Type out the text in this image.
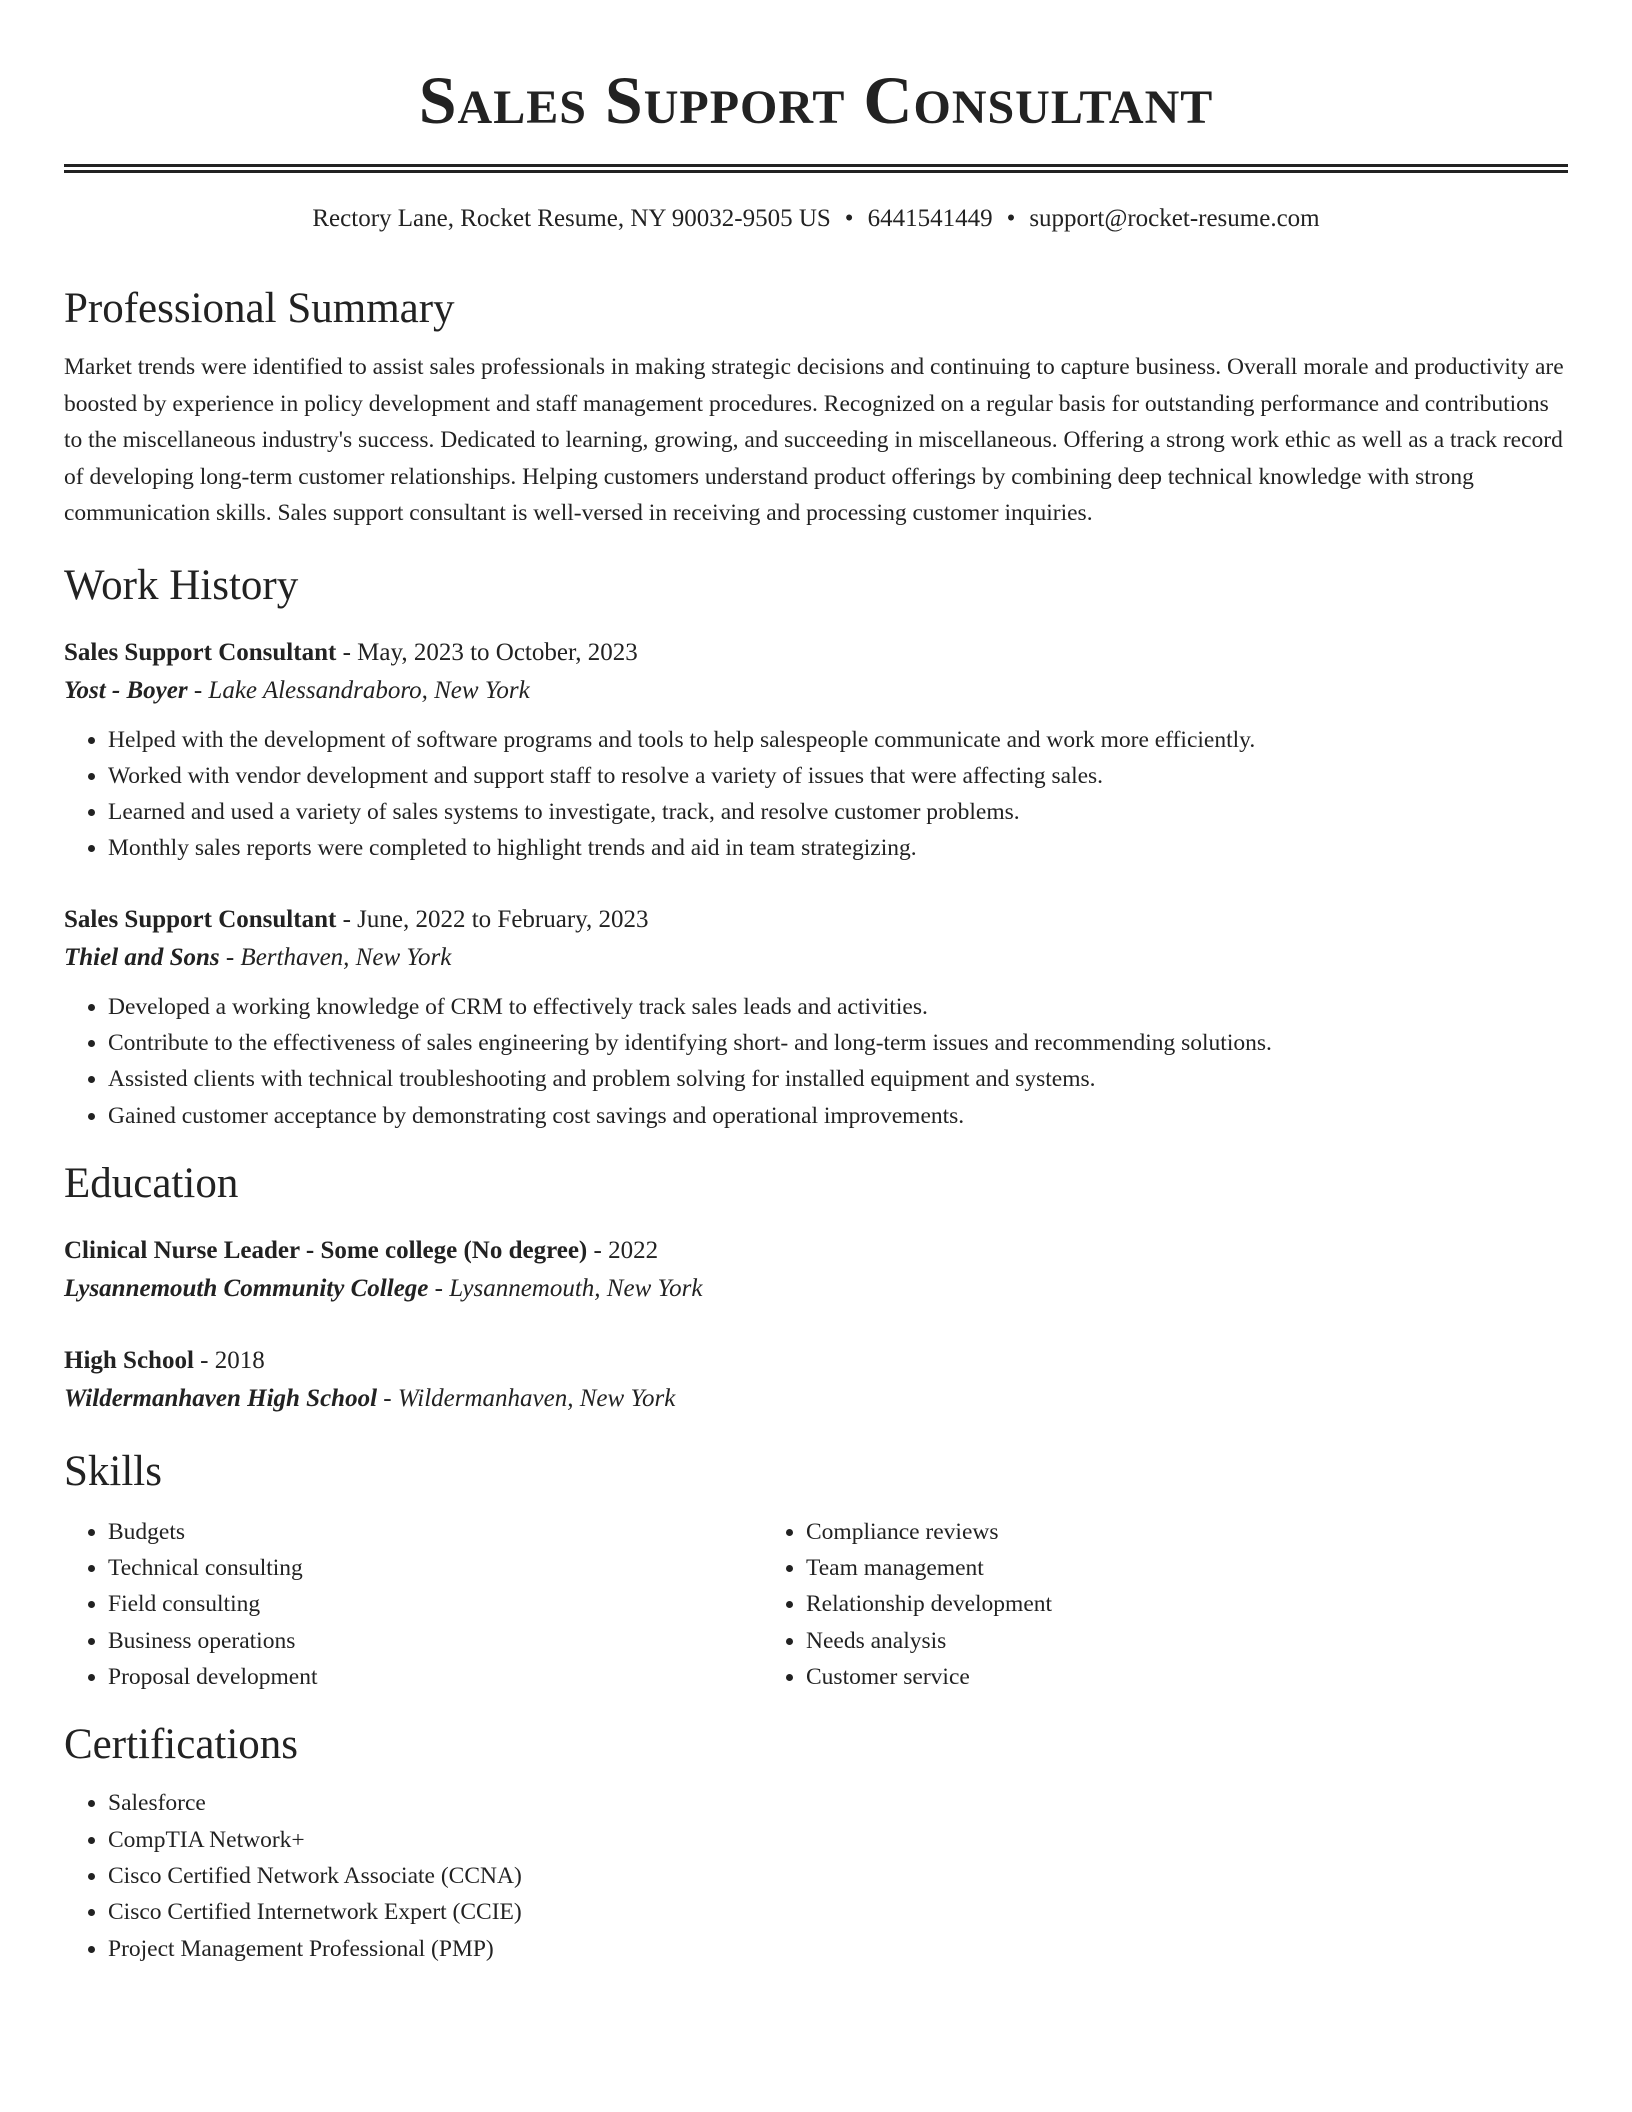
Sales Support Consultant
Rectory Lane, Rocket Resume, NY 90032-9505 US • 6441541449 • support@rocket-resume.com
Professional Summary
Market trends were identified to assist sales professionals in making strategic decisions and continuing to capture business. Overall morale and productivity are boosted by experience in policy development and staff management procedures. Recognized on a regular basis for outstanding performance and contributions to the miscellaneous industry's success. Dedicated to learning, growing, and succeeding in miscellaneous. Offering a strong work ethic as well as a track record of developing long-term customer relationships. Helping customers understand product offerings by combining deep technical knowledge with strong communication skills. Sales support consultant is well-versed in receiving and processing customer inquiries.
Work History
Sales Support Consultant - May, 2023 to October, 2023
Yost - Boyer - Lake Alessandraboro, New York
• Helped with the development of software programs and tools to help salespeople communicate and work more efficiently.
• Worked with vendor development and support staff to resolve a variety of issues that were affecting sales.
• Learned and used a variety of sales systems to investigate, track, and resolve customer problems.
• Monthly sales reports were completed to highlight trends and aid in team strategizing.
Sales Support Consultant - June, 2022 to February, 2023
Thiel and Sons - Berthaven, New York
• Developed a working knowledge of CRM to effectively track sales leads and activities.
• Contribute to the effectiveness of sales engineering by identifying short- and long-term issues and recommending solutions.
• Assisted clients with technical troubleshooting and problem solving for installed equipment and systems.
• Gained customer acceptance by demonstrating cost savings and operational improvements.
Education
Clinical Nurse Leader - Some college (No degree) - 2022
Lysannemouth Community College - Lysannemouth, New York
High School - 2018
Wildermanhaven High School - Wildermanhaven, New York
Skills
• Budgets
• Technical consulting
• Field consulting
• Business operations
• Proposal development
• Compliance reviews
• Team management
• Relationship development
• Needs analysis
• Customer service
Certifications
• Salesforce
• CompTIA Network+
• Cisco Certified Network Associate (CCNA)
• Cisco Certified Internetwork Expert (CCIE)
• Project Management Professional (PMP)
